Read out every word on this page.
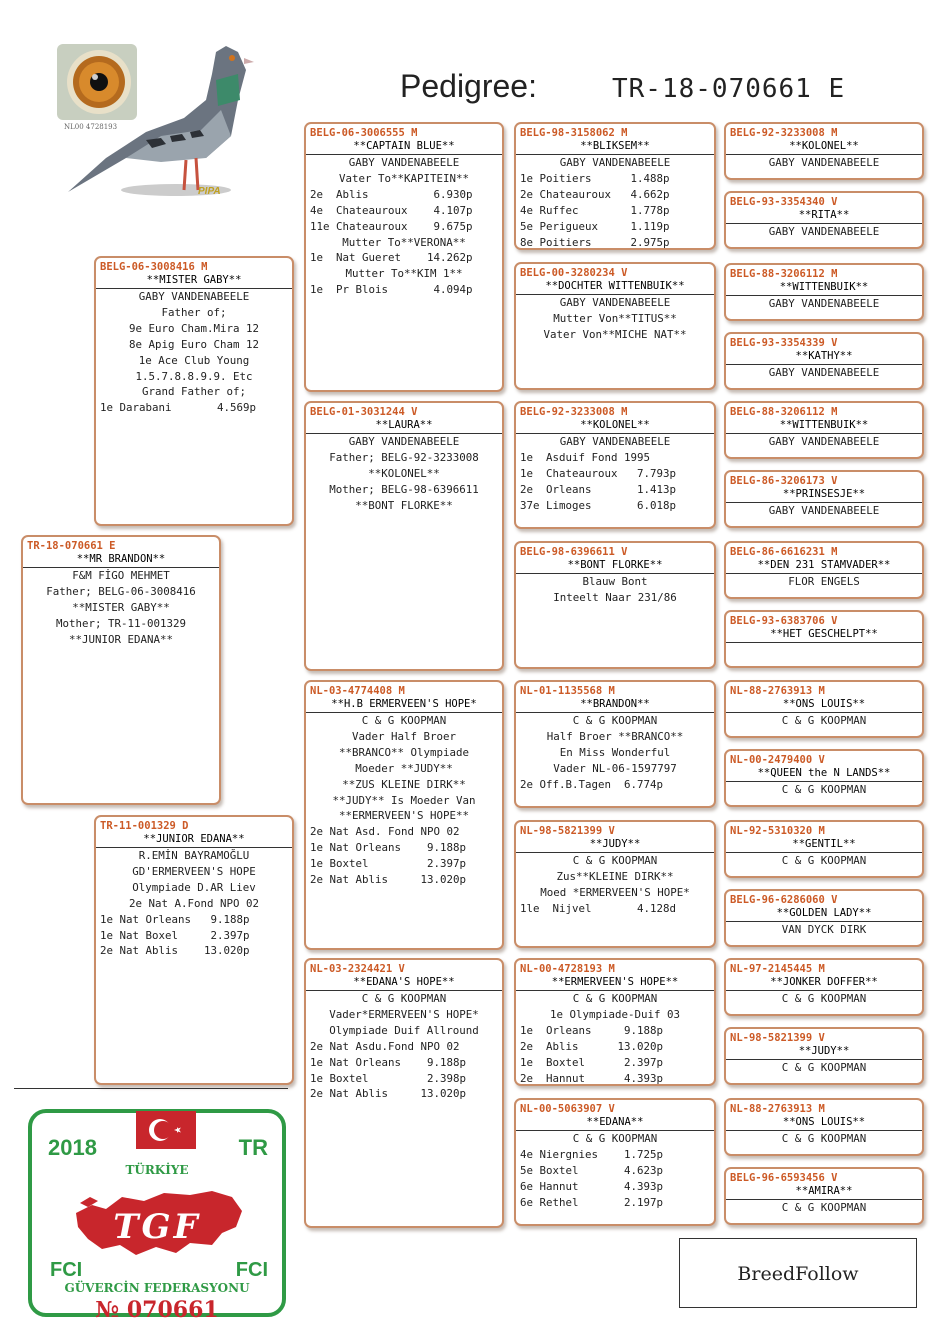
Pedigree:	TR-18-070661 E
NL00 4728193
PIPA
TR-18-070661 E
**MR BRANDON**
F&M FİGO MEHMET
Father; BELG-06-3008416
**MISTER GABY**
Mother; TR-11-001329
**JUNIOR EDANA**
BELG-06-3008416 M
**MISTER GABY**
GABY VANDENABEELE
Father of;
9e Euro Cham.Mira 12
8e Apig Euro Cham 12
1e Ace Club Young
1.5.7.8.8.9.9. Etc
Grand Father of;
1e Darabani       4.569p
TR-11-001329 D
**JUNIOR EDANA**
R.EMİN BAYRAMOĞLU
GD'ERMERVEEN'S HOPE
Olympiade D.AR Liev
2e Nat A.Fond NPO 02
1e Nat Orleans   9.188p
1e Nat Boxel     2.397p
2e Nat Ablis    13.020p
BELG-06-3006555 M
**CAPTAIN BLUE**
GABY VANDENABEELE
Vater To**KAPITEIN**
2e  Ablis          6.930p
4e  Chateauroux    4.107p
11e Chateauroux    9.675p
Mutter To**VERONA**
1e  Nat Gueret    14.262p
Mutter To**KIM 1**
1e  Pr Blois       4.094p
BELG-01-3031244 V
**LAURA**
GABY VANDENABEELE
Father; BELG-92-3233008
**KOLONEL**
Mother; BELG-98-6396611
**BONT FLORKE**
NL-03-4774408 M
**H.B ERMERVEEN'S HOPE*
C & G KOOPMAN
Vader Half Broer
**BRANCO** Olympiade
Moeder **JUDY**
**ZUS KLEINE DIRK**
**JUDY** Is Moeder Van
**ERMERVEEN'S HOPE**
2e Nat Asd. Fond NPO 02
1e Nat Orleans    9.188p
1e Boxtel         2.397p
2e Nat Ablis     13.020p
NL-03-2324421 V
**EDANA'S HOPE**
C & G KOOPMAN
Vader*ERMERVEEN'S HOPE*
Olympiade Duif Allround
2e Nat Asdu.Fond NPO 02
1e Nat Orleans    9.188p
1e Boxtel         2.398p
2e Nat Ablis     13.020p
BELG-98-3158062 M
**BLIKSEM**
GABY VANDENABEELE
1e Poitiers      1.488p
2e Chateauroux   4.662p
4e Ruffec        1.778p
5e Perigueux     1.119p
8e Poitiers      2.975p
BELG-00-3280234 V
**DOCHTER WITTENBUIK**
GABY VANDENABEELE
Mutter Von**TITUS**
Vater Von**MICHE NAT**
BELG-92-3233008 M
**KOLONEL**
GABY VANDENABEELE
1e  Asduif Fond 1995
1e  Chateauroux   7.793p
2e  Orleans       1.413p
37e Limoges       6.018p
BELG-98-6396611 V
**BONT FLORKE**
Blauw Bont
Inteelt Naar 231/86
NL-01-1135568 M
**BRANDON**
C & G KOOPMAN
Half Broer **BRANCO**
En Miss Wonderful
Vader NL-06-1597797
2e Off.B.Tagen  6.774p
NL-98-5821399 V
**JUDY**
C & G KOOPMAN
Zus**KLEINE DIRK**
Moed *ERMERVEEN'S HOPE*
1le  Nijvel       4.128d
NL-00-4728193 M
**ERMERVEEN'S HOPE**
C & G KOOPMAN
1e Olympiade-Duif 03
1e  Orleans     9.188p
2e  Ablis      13.020p
1e  Boxtel      2.397p
2e  Hannut      4.393p
NL-00-5063907 V
**EDANA**
C & G KOOPMAN
4e Niergnies    1.725p
5e Boxtel       4.623p
6e Hannut       4.393p
6e Rethel       2.197p
BELG-92-3233008 M
**KOLONEL**
GABY VANDENABEELE
BELG-93-3354340 V
**RITA**
GABY VANDENABEELE
BELG-88-3206112 M
**WITTENBUIK**
GABY VANDENABEELE
BELG-93-3354339 V
**KATHY**
GABY VANDENABEELE
BELG-88-3206112 M
**WITTENBUIK**
GABY VANDENABEELE
BELG-86-3206173 V
**PRINSESJE**
GABY VANDENABEELE
BELG-86-6616231 M
**DEN 231 STAMVADER**
FLOR ENGELS
BELG-93-6383706 V
**HET GESCHELPT**
NL-88-2763913 M
**ONS LOUIS**
C & G KOOPMAN
NL-00-2479400 V
**QUEEN the N LANDS**
C & G KOOPMAN
NL-92-5310320 M
**GENTIL**
C & G KOOPMAN
BELG-96-6286060 V
**GOLDEN LADY**
VAN DYCK DIRK
NL-97-2145445 M
**JONKER DOFFER**
C & G KOOPMAN
NL-98-5821399 V
**JUDY**
C & G KOOPMAN
NL-88-2763913 M
**ONS LOUIS**
C & G KOOPMAN
BELG-96-6593456 V
**AMIRA**
C & G KOOPMAN
2018	TR
TÜRKİYE
TGF
FCI	FCI
GÜVERCİN FEDERASYONU
№ 070661
BreedFollow
